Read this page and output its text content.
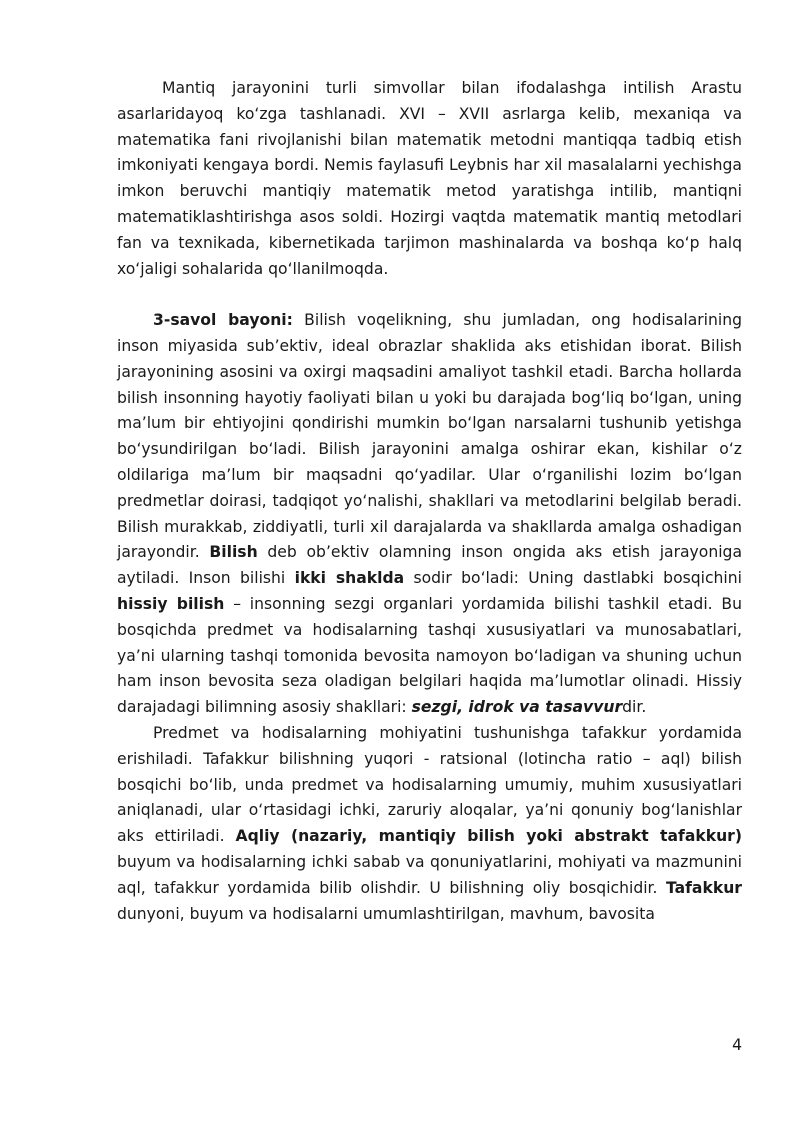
Mantiq jarayonini turli simvollar bilan ifodalashga intilish Arastu asarlaridayoq ko‘zga tashlanadi. XVI – XVII asrlarga kelib, mexaniqa va matematika fani rivojlanishi bilan matematik metodni mantiqqa tadbiq etish imkoniyati kengaya bordi. Nemis faylasufi Leybnis har xil masalalarni yechishga imkon beruvchi mantiqiy matematik metod yaratishga intilib, mantiqni matematiklashtirishga asos soldi. Hozirgi vaqtda matematik mantiq metodlari fan va texnikada, kibernetikada tarjimon mashinalarda va boshqa ko‘p halq xo‘jaligi sohalarida qo‘llanilmoqda.

3-savol bayoni: Bilish voqelikning, shu jumladan, ong hodisalarining inson miyasida sub’ektiv, ideal obrazlar shaklida aks etishidan iborat. Bilish jarayonining asosini va oxirgi maqsadini amaliyot tashkil etadi. Barcha hollarda bilish insonning hayotiy faoliyati bilan u yoki bu darajada bog‘liq bo‘lgan, uning ma’lum bir ehtiyojini qondirishi mumkin bo‘lgan narsalarni tushunib yetishga bo‘ysundirilgan bo‘ladi. Bilish jarayonini amalga oshirar ekan, kishilar o‘z oldilariga ma’lum bir maqsadni qo‘yadilar. Ular o‘rganilishi lozim bo‘lgan predmetlar doirasi, tadqiqot yo‘nalishi, shakllari va metodlarini belgilab beradi. Bilish murakkab, ziddiyatli, turli xil darajalarda va shakllarda amalga oshadigan jarayondir. Bilish deb ob’ektiv olamning inson ongida aks etish jarayoniga aytiladi. Inson bilishi ikki shaklda sodir bo‘ladi: Uning dastlabki bosqichini hissiy bilish – insonning sezgi organlari yordamida bilishi tashkil etadi. Bu bosqichda predmet va hodisalarning tashqi xususiyatlari va munosabatlari, ya’ni ularning tashqi tomonida bevosita namoyon bo‘ladigan va shuning uchun ham inson bevosita seza oladigan belgilari haqida ma’lumotlar olinadi. Hissiy darajadagi bilimning asosiy shakllari: sezgi, idrok va tasavvurdir.

Predmet va hodisalarning mohiyatini tushunishga tafakkur yordamida erishiladi. Tafakkur bilishning yuqori - ratsional (lotincha ratio – aql) bilish bosqichi bo‘lib, unda predmet va hodisalarning umumiy, muhim xususiyatlari aniqlanadi, ular o‘rtasidagi ichki, zaruriy aloqalar, ya’ni qonuniy bog‘lanishlar aks ettiriladi. Aqliy (nazariy, mantiqiy bilish yoki abstrakt tafakkur) buyum va hodisalarning ichki sabab va qonuniyatlarini, mohiyati va mazmunini aql, tafakkur yordamida bilib olishdir. U bilishning oliy bosqichidir. Tafakkur dunyoni, buyum va hodisalarni umumlashtirilgan, mavhum, bavosita

4
